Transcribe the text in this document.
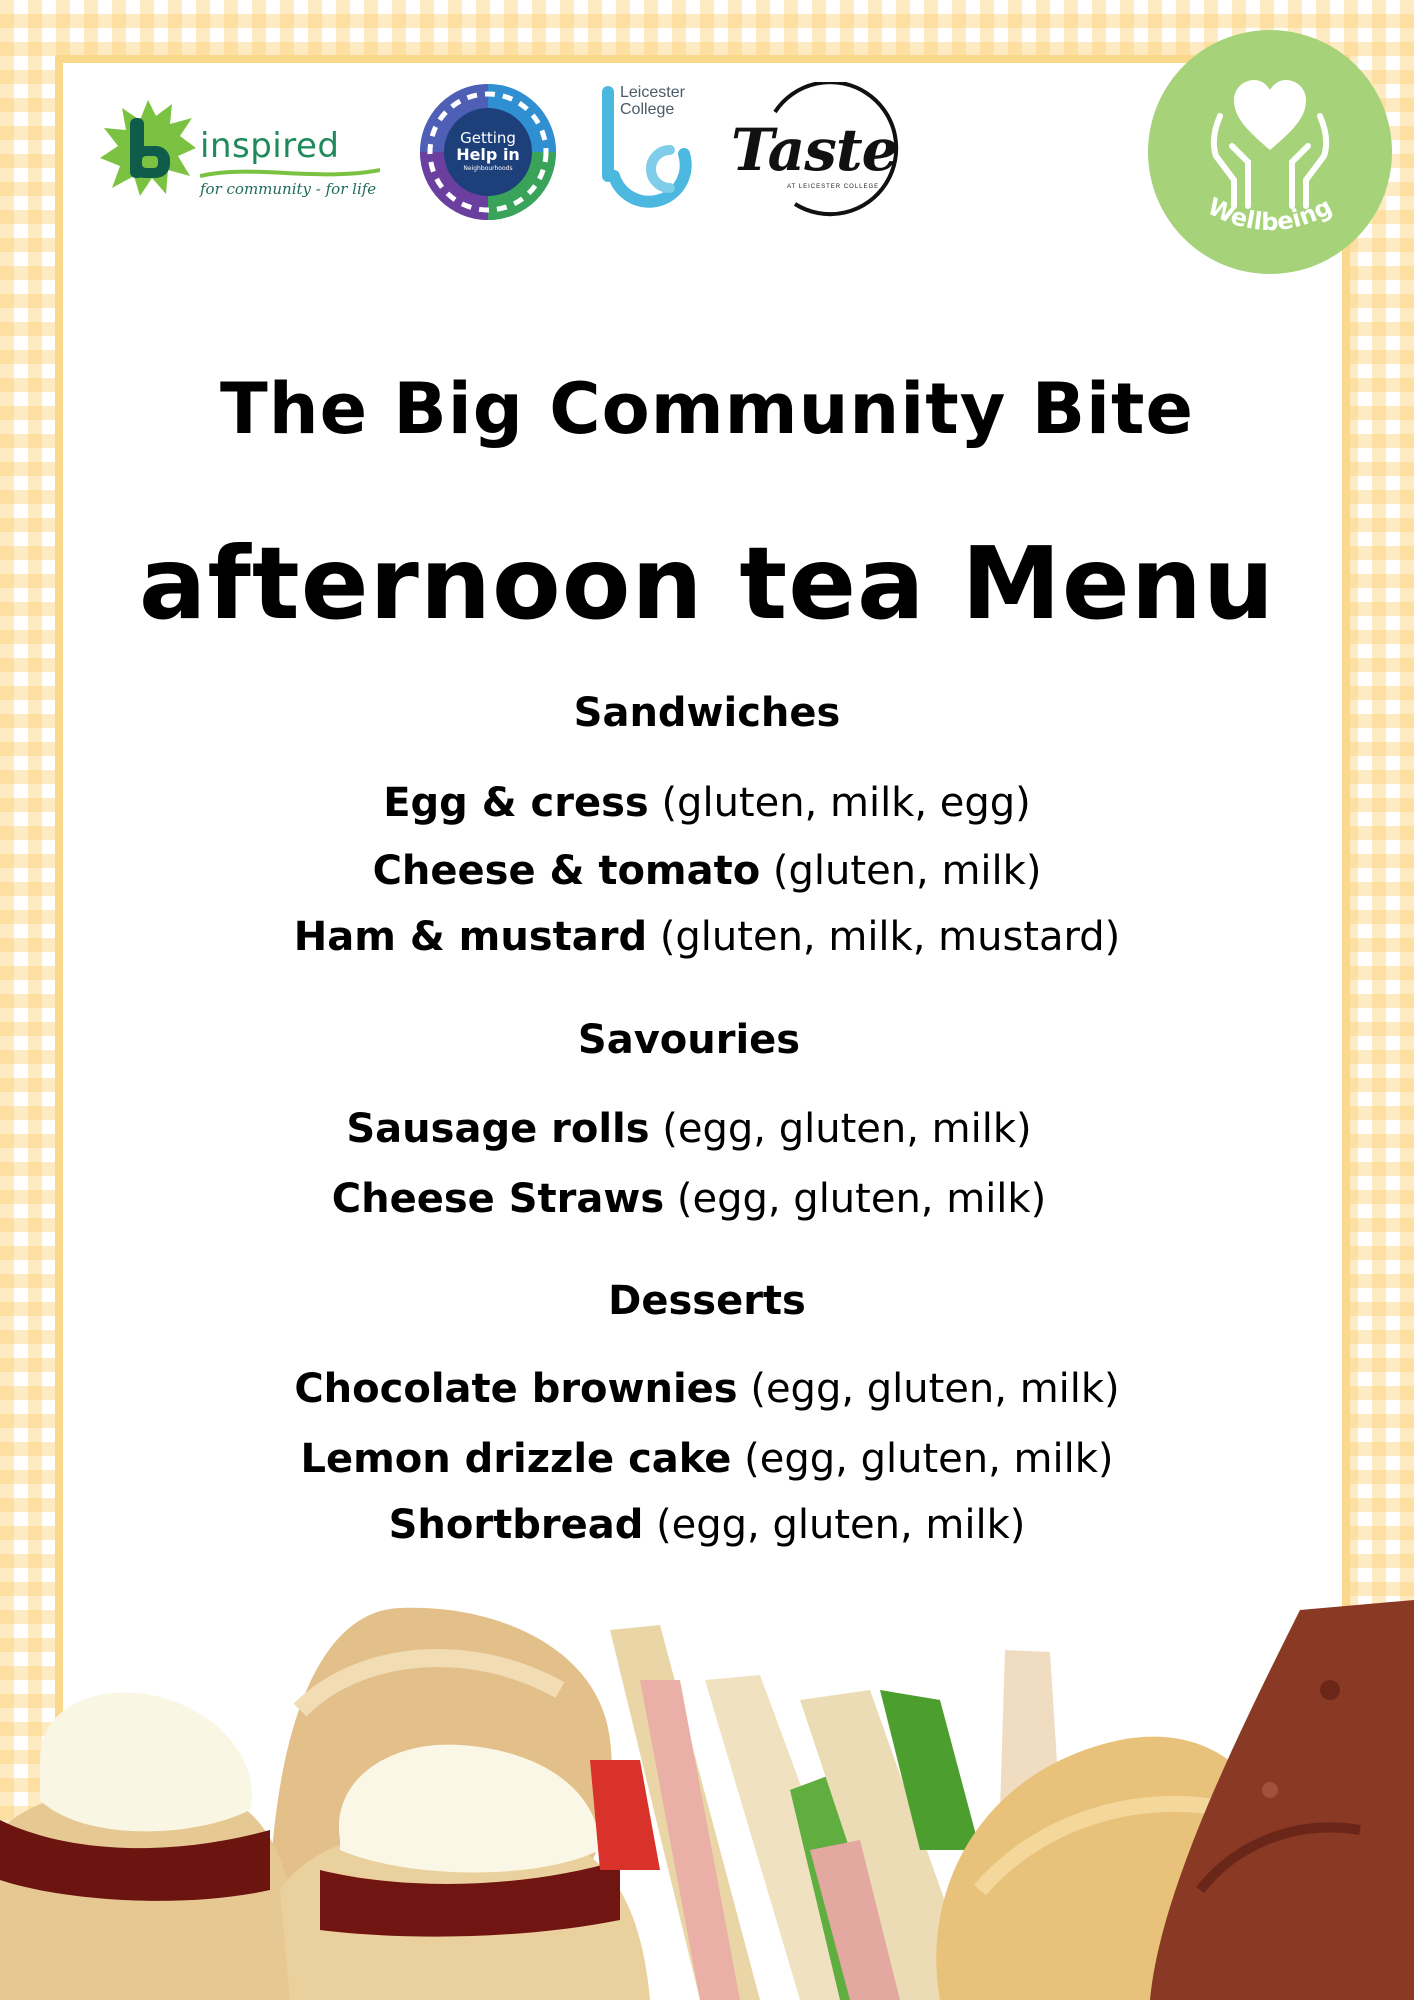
inspired
for community - for life
Getting
Help in
Neighbourhoods
Leicester
College
Taste
AT LEICESTER COLLEGE
Wellbeing
The Big Community Bite
afternoon tea Menu
Sandwiches
Egg & cress (gluten, milk, egg)
Cheese & tomato (gluten, milk)
Ham & mustard (gluten, milk, mustard)
Savouries
Sausage rolls (egg, gluten, milk)
Cheese Straws (egg, gluten, milk)
Desserts
Chocolate brownies (egg, gluten, milk)
Lemon drizzle cake (egg, gluten, milk)
Shortbread (egg, gluten, milk)
